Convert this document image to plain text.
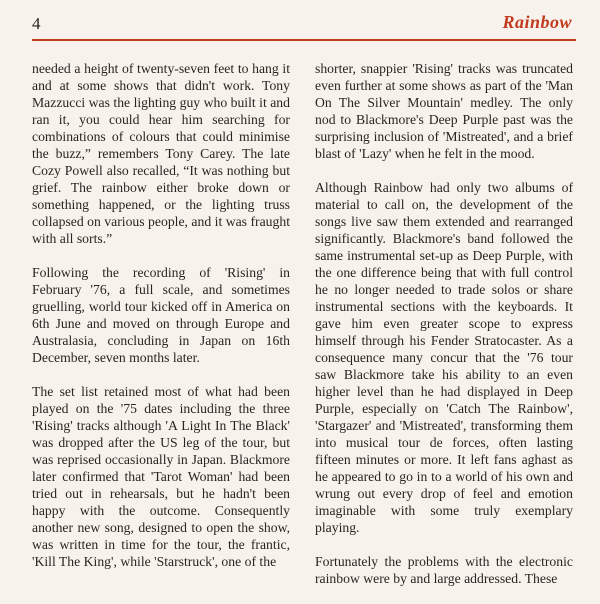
4	Rainbow

needed a height of twenty-seven feet to hang it and at some shows that didn't work. Tony Mazzucci was the lighting guy who built it and ran it, you could hear him searching for combinations of colours that could minimise the buzz,” remembers Tony Carey. The late Cozy Powell also recalled, “It was nothing but grief. The rainbow either broke down or something happened, or the lighting truss collapsed on various people, and it was fraught with all sorts.”

Following the recording of 'Rising' in February '76, a full scale, and sometimes gruelling, world tour kicked off in America on 6th June and moved on through Europe and Australasia, concluding in Japan on 16th December, seven months later.

The set list retained most of what had been played on the '75 dates including the three 'Rising' tracks although 'A Light In The Black' was dropped after the US leg of the tour, but was reprised occasionally in Japan. Blackmore later confirmed that 'Tarot Woman' had been tried out in rehearsals, but he hadn't been happy with the outcome. Consequently another new song, designed to open the show, was written in time for the tour, the frantic, 'Kill The King', while 'Starstruck', one of the

shorter, snappier 'Rising' tracks was truncated even further at some shows as part of the 'Man On The Silver Mountain' medley. The only nod to Blackmore's Deep Purple past was the surprising inclusion of 'Mistreated', and a brief blast of 'Lazy' when he felt in the mood.

Although Rainbow had only two albums of material to call on, the development of the songs live saw them extended and rearranged significantly. Blackmore's band followed the same instrumental set-up as Deep Purple, with the one difference being that with full control he no longer needed to trade solos or share instrumental sections with the keyboards. It gave him even greater scope to express himself through his Fender Stratocaster. As a consequence many concur that the '76 tour saw Blackmore take his ability to an even higher level than he had displayed in Deep Purple, especially on 'Catch The Rainbow', 'Stargazer' and 'Mistreated', transforming them into musical tour de forces, often lasting fifteen minutes or more. It left fans aghast as he appeared to go in to a world of his own and wrung out every drop of feel and emotion imaginable with some truly exemplary playing.

Fortunately the problems with the electronic rainbow were by and large addressed. These
